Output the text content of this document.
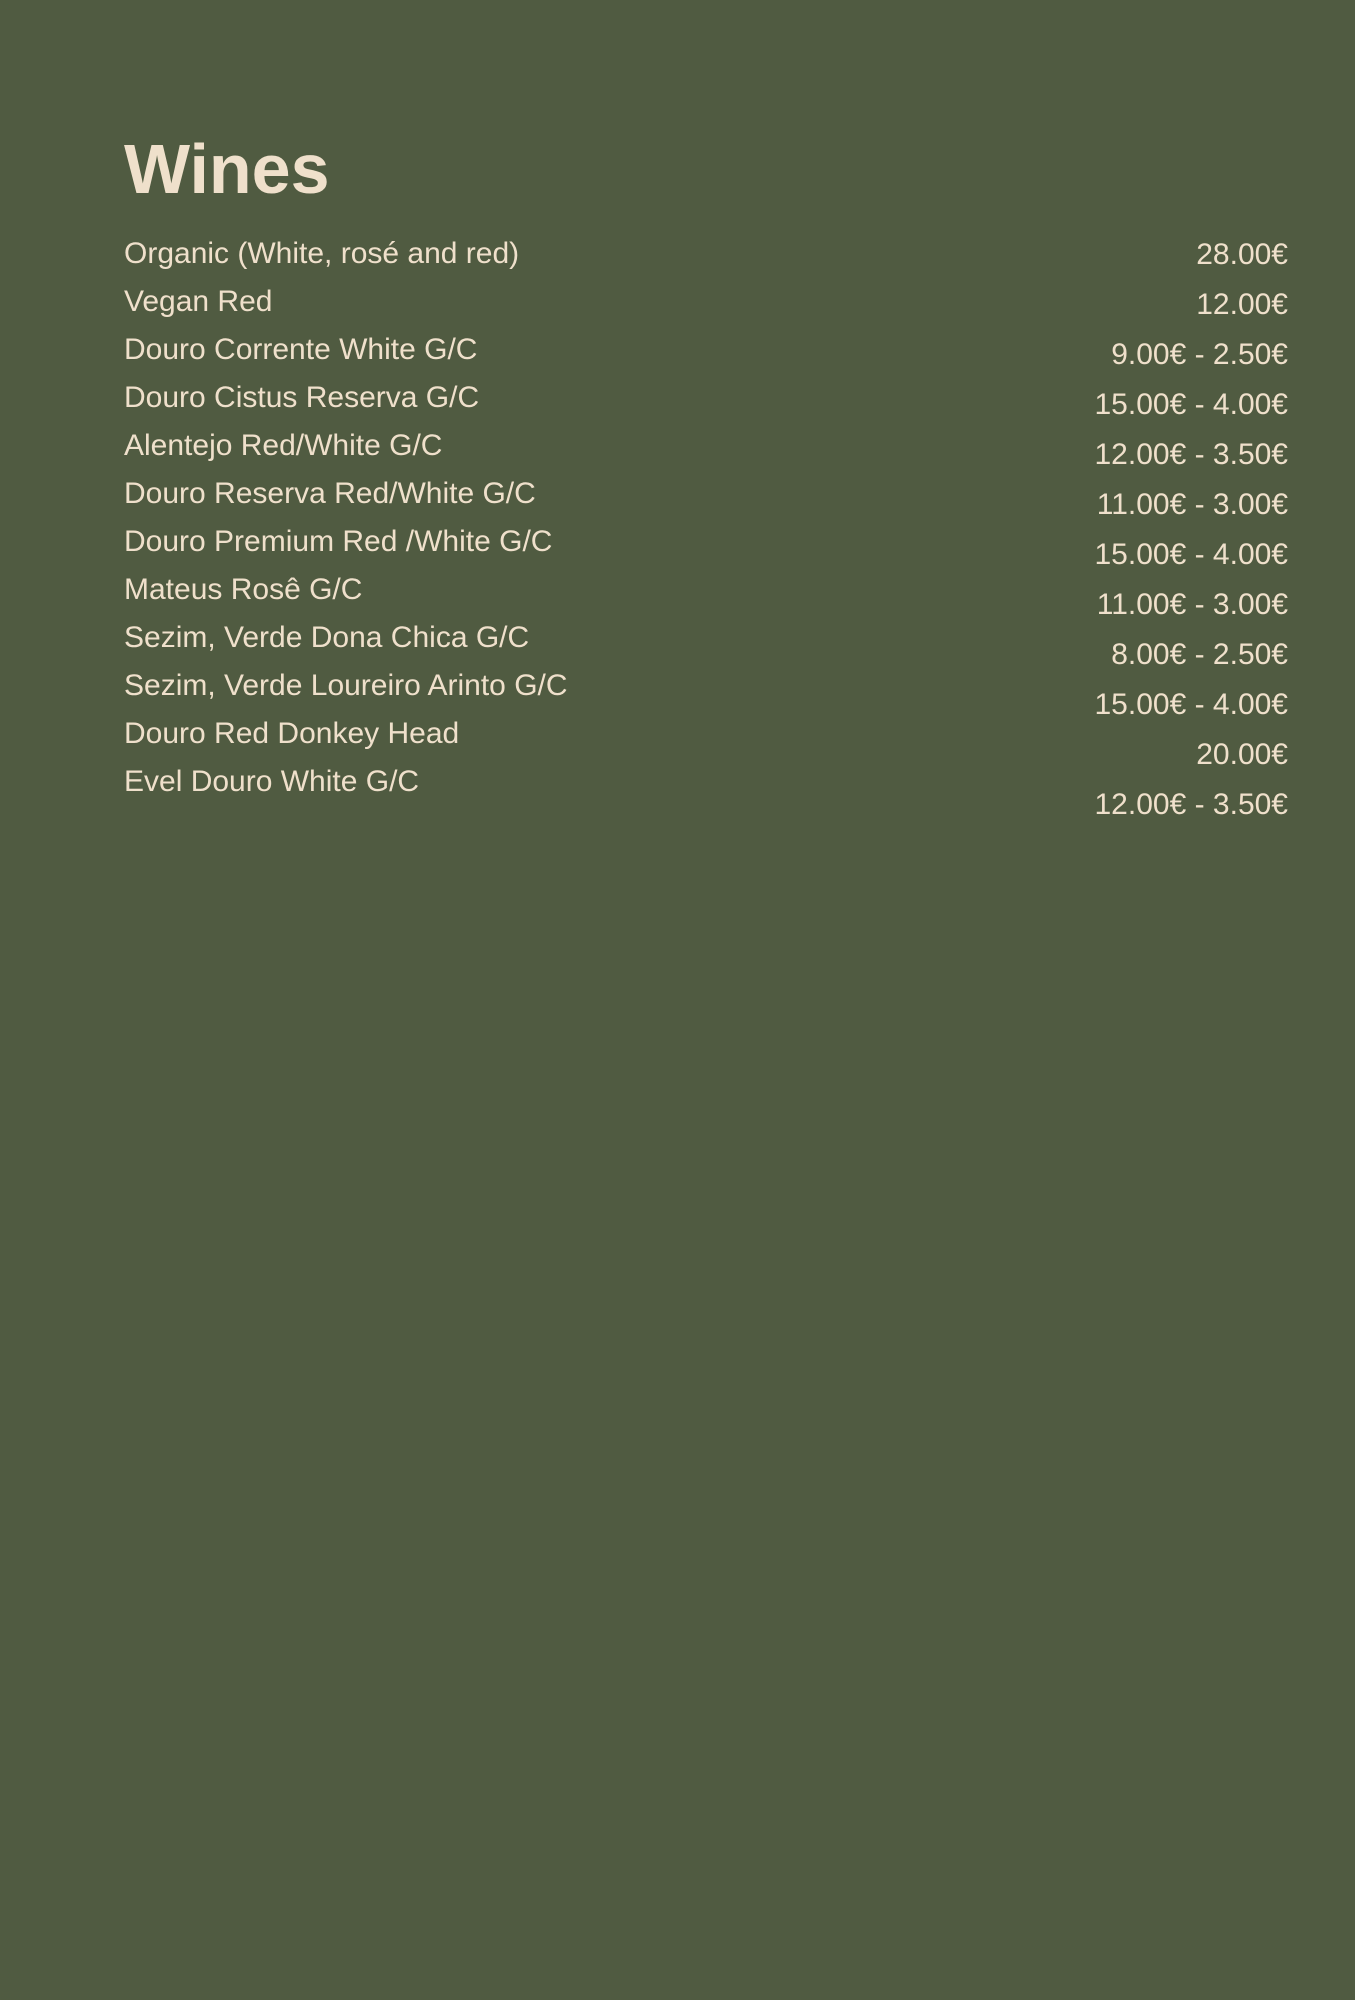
Wines
Organic (White, rosé and red)
Vegan Red
Douro Corrente White G/C
Douro Cistus Reserva G/C
Alentejo Red/White G/C
Douro Reserva Red/White G/C
Douro Premium Red /White G/C
Mateus Rosê G/C
Sezim, Verde Dona Chica G/C
Sezim, Verde Loureiro Arinto G/C
Douro Red Donkey Head
Evel Douro White G/C
28.00€
12.00€
9.00€ - 2.50€
15.00€ - 4.00€
12.00€ - 3.50€
11.00€ - 3.00€
15.00€ - 4.00€
11.00€ - 3.00€
8.00€ - 2.50€
15.00€ - 4.00€
20.00€
12.00€ - 3.50€
